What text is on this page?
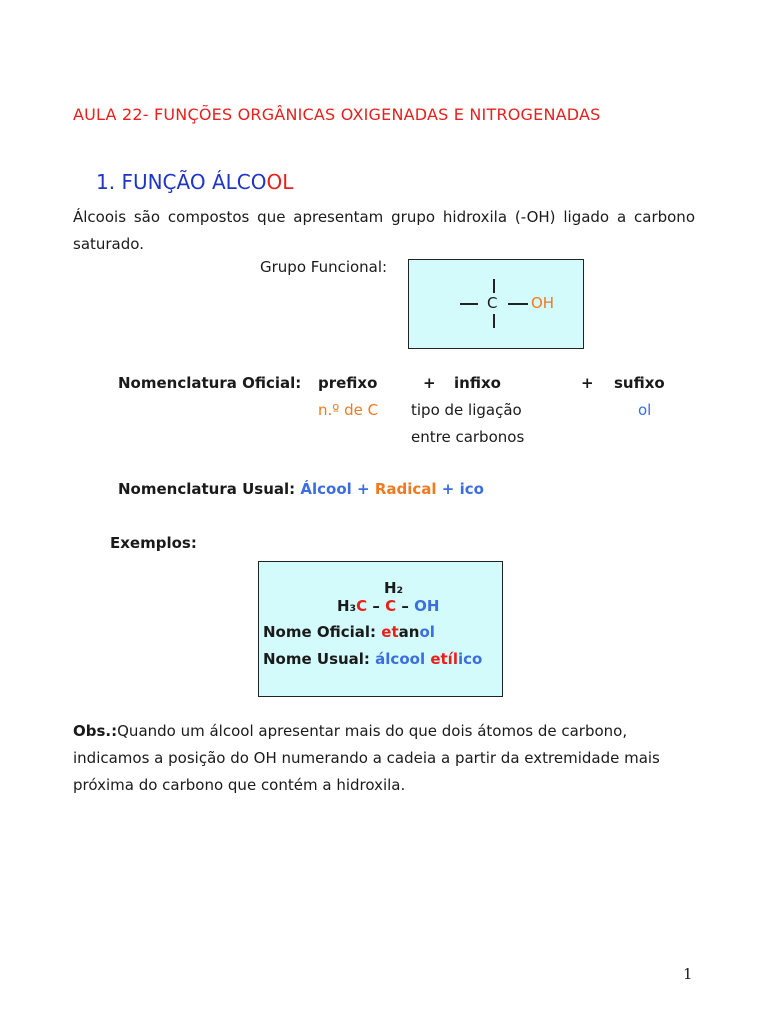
AULA 22- FUNÇÕES ORGÂNICAS OXIGENADAS E NITROGENADAS
1. FUNÇÃO ÁLCOOL
Álcoois são compostos que apresentam grupo hidroxila (-OH) ligado a carbono saturado.
Grupo Funcional:
C OH
Nomenclatura Oficial: prefixo	+ infixo	+ sufixo
n.º de C tipo de ligação
entre carbonos
ol
Nomenclatura Usual: Álcool + Radical + ico
Exemplos:
H₂
H₃C – C – OH
Nome Oficial: etanol
Nome Usual: álcool etílico
Obs.:Quando um álcool apresentar mais do que dois átomos de carbono, indicamos a posição do OH numerando a cadeia a partir da extremidade mais próxima do carbono que contém a hidroxila.
1
